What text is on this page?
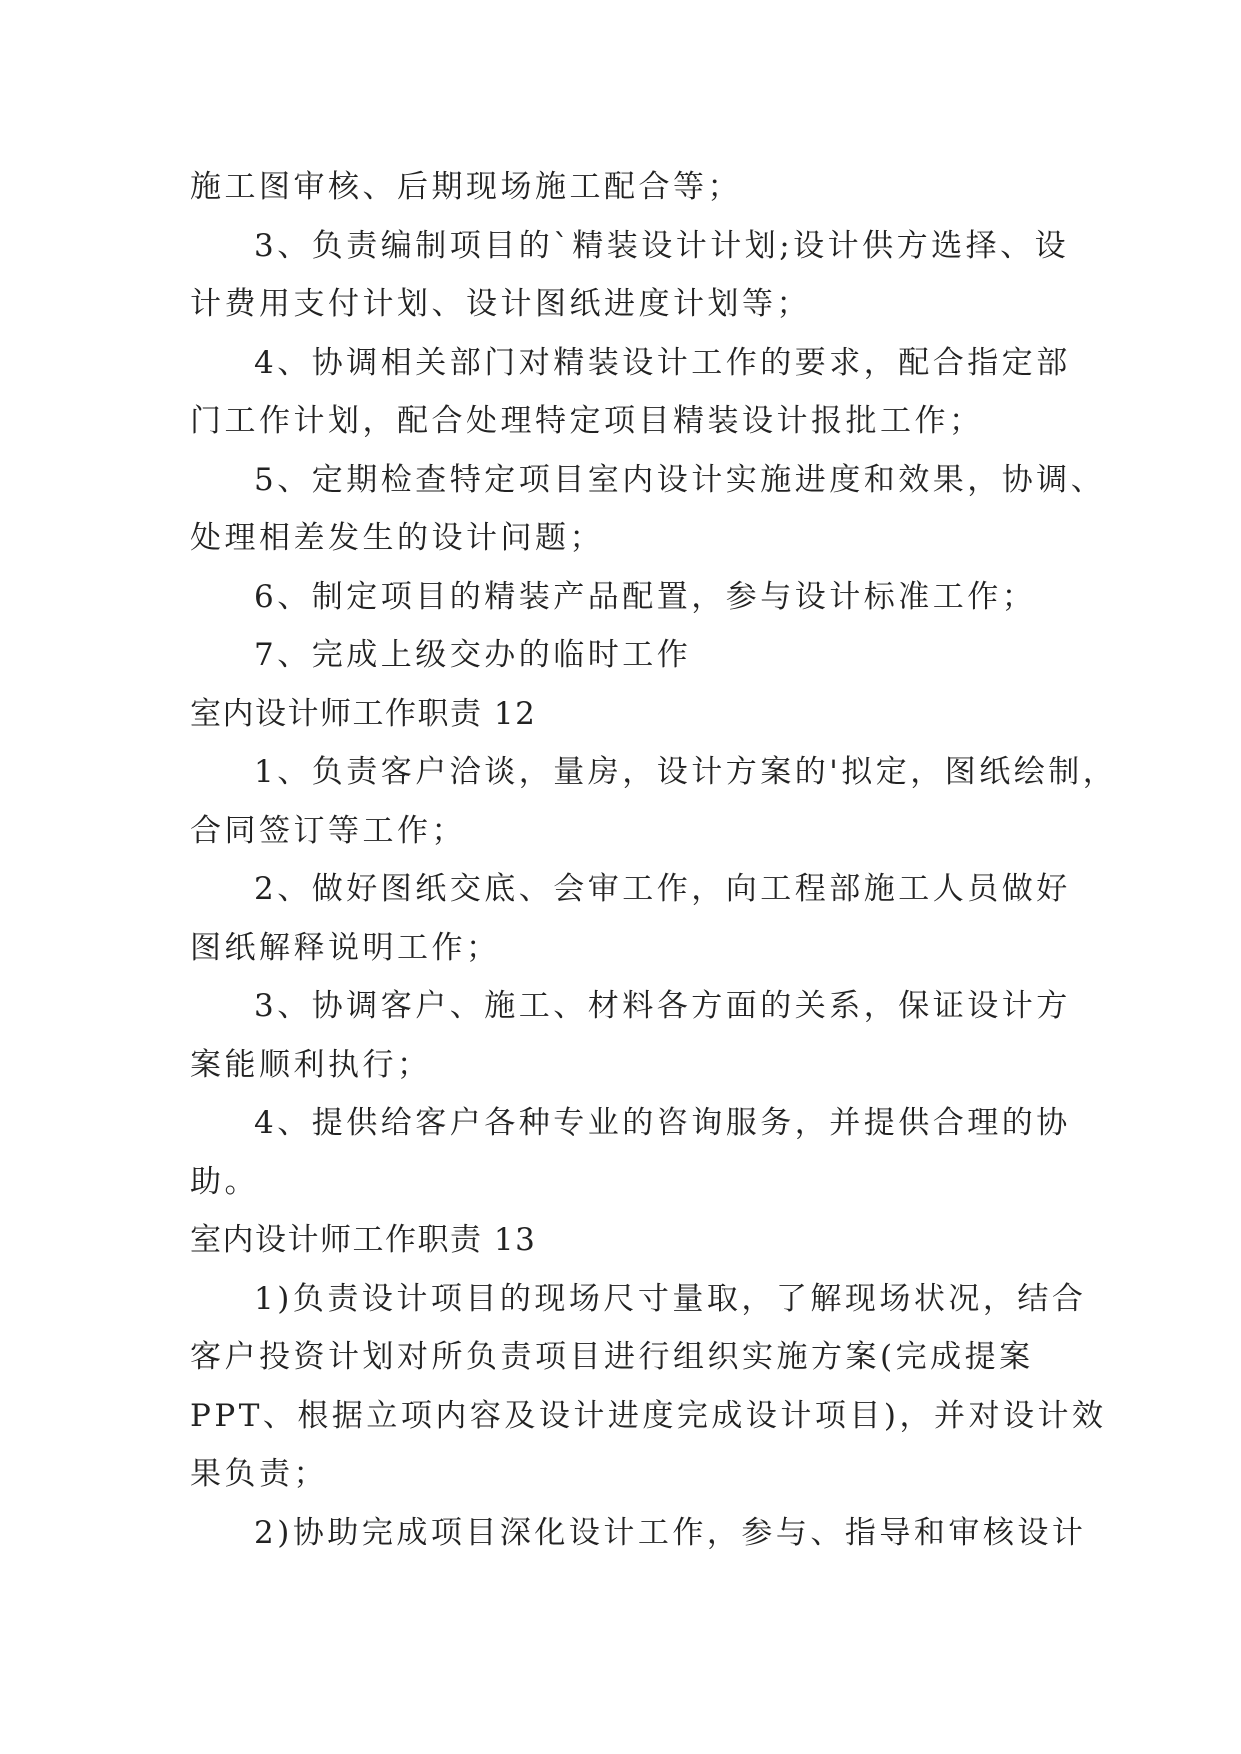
施工图审核、后期现场施工配合等；
3、负责编制项目的`精装设计计划;设计供方选择、设
计费用支付计划、设计图纸进度计划等；
4、协调相关部门对精装设计工作的要求，配合指定部
门工作计划，配合处理特定项目精装设计报批工作；
5、定期检查特定项目室内设计实施进度和效果，协调、
处理相差发生的设计问题；
6、制定项目的精装产品配置，参与设计标准工作；
7、完成上级交办的临时工作
室内设计师工作职责 12
1、负责客户洽谈，量房，设计方案的'拟定，图纸绘制，
合同签订等工作；
2、做好图纸交底、会审工作，向工程部施工人员做好
图纸解释说明工作；
3、协调客户、施工、材料各方面的关系，保证设计方
案能顺利执行；
4、提供给客户各种专业的咨询服务，并提供合理的协
助。
室内设计师工作职责 13
1)负责设计项目的现场尺寸量取，了解现场状况，结合
客户投资计划对所负责项目进行组织实施方案(完成提案
PPT、根据立项内容及设计进度完成设计项目)，并对设计效
果负责；
2)协助完成项目深化设计工作，参与、指导和审核设计
